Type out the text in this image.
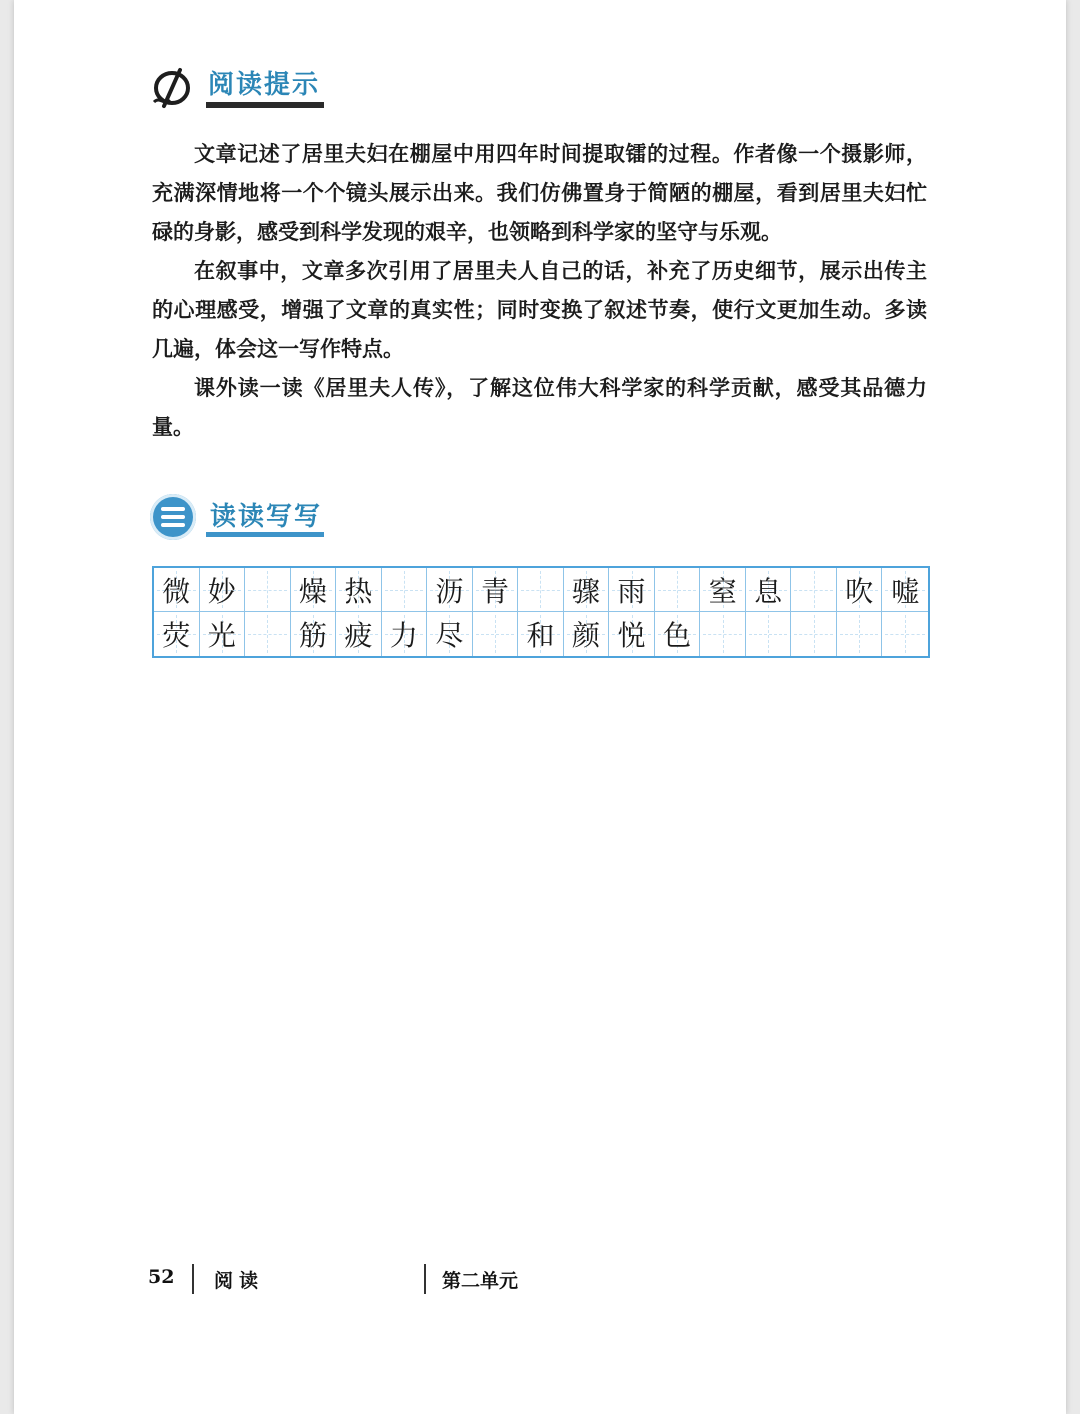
阅读提示

文章记述了居里夫妇在棚屋中用四年时间提取镭的过程。作者像一个摄影师，充满深情地将一个个镜头展示出来。我们仿佛置身于简陋的棚屋，看到居里夫妇忙碌的身影，感受到科学发现的艰辛，也领略到科学家的坚守与乐观。

在叙事中，文章多次引用了居里夫人自己的话，补充了历史细节，展示出传主的心理感受，增强了文章的真实性；同时变换了叙述节奏，使行文更加生动。多读几遍，体会这一写作特点。

课外读一读《居里夫人传》，了解这位伟大科学家的科学贡献，感受其品德力量。

读读写写
微 妙 燥 热 沥 青 骤 雨 窒 息 吹 嘘
荧 光 筋 疲 力 尽 和 颜 悦 色
52 阅读	第二单元
